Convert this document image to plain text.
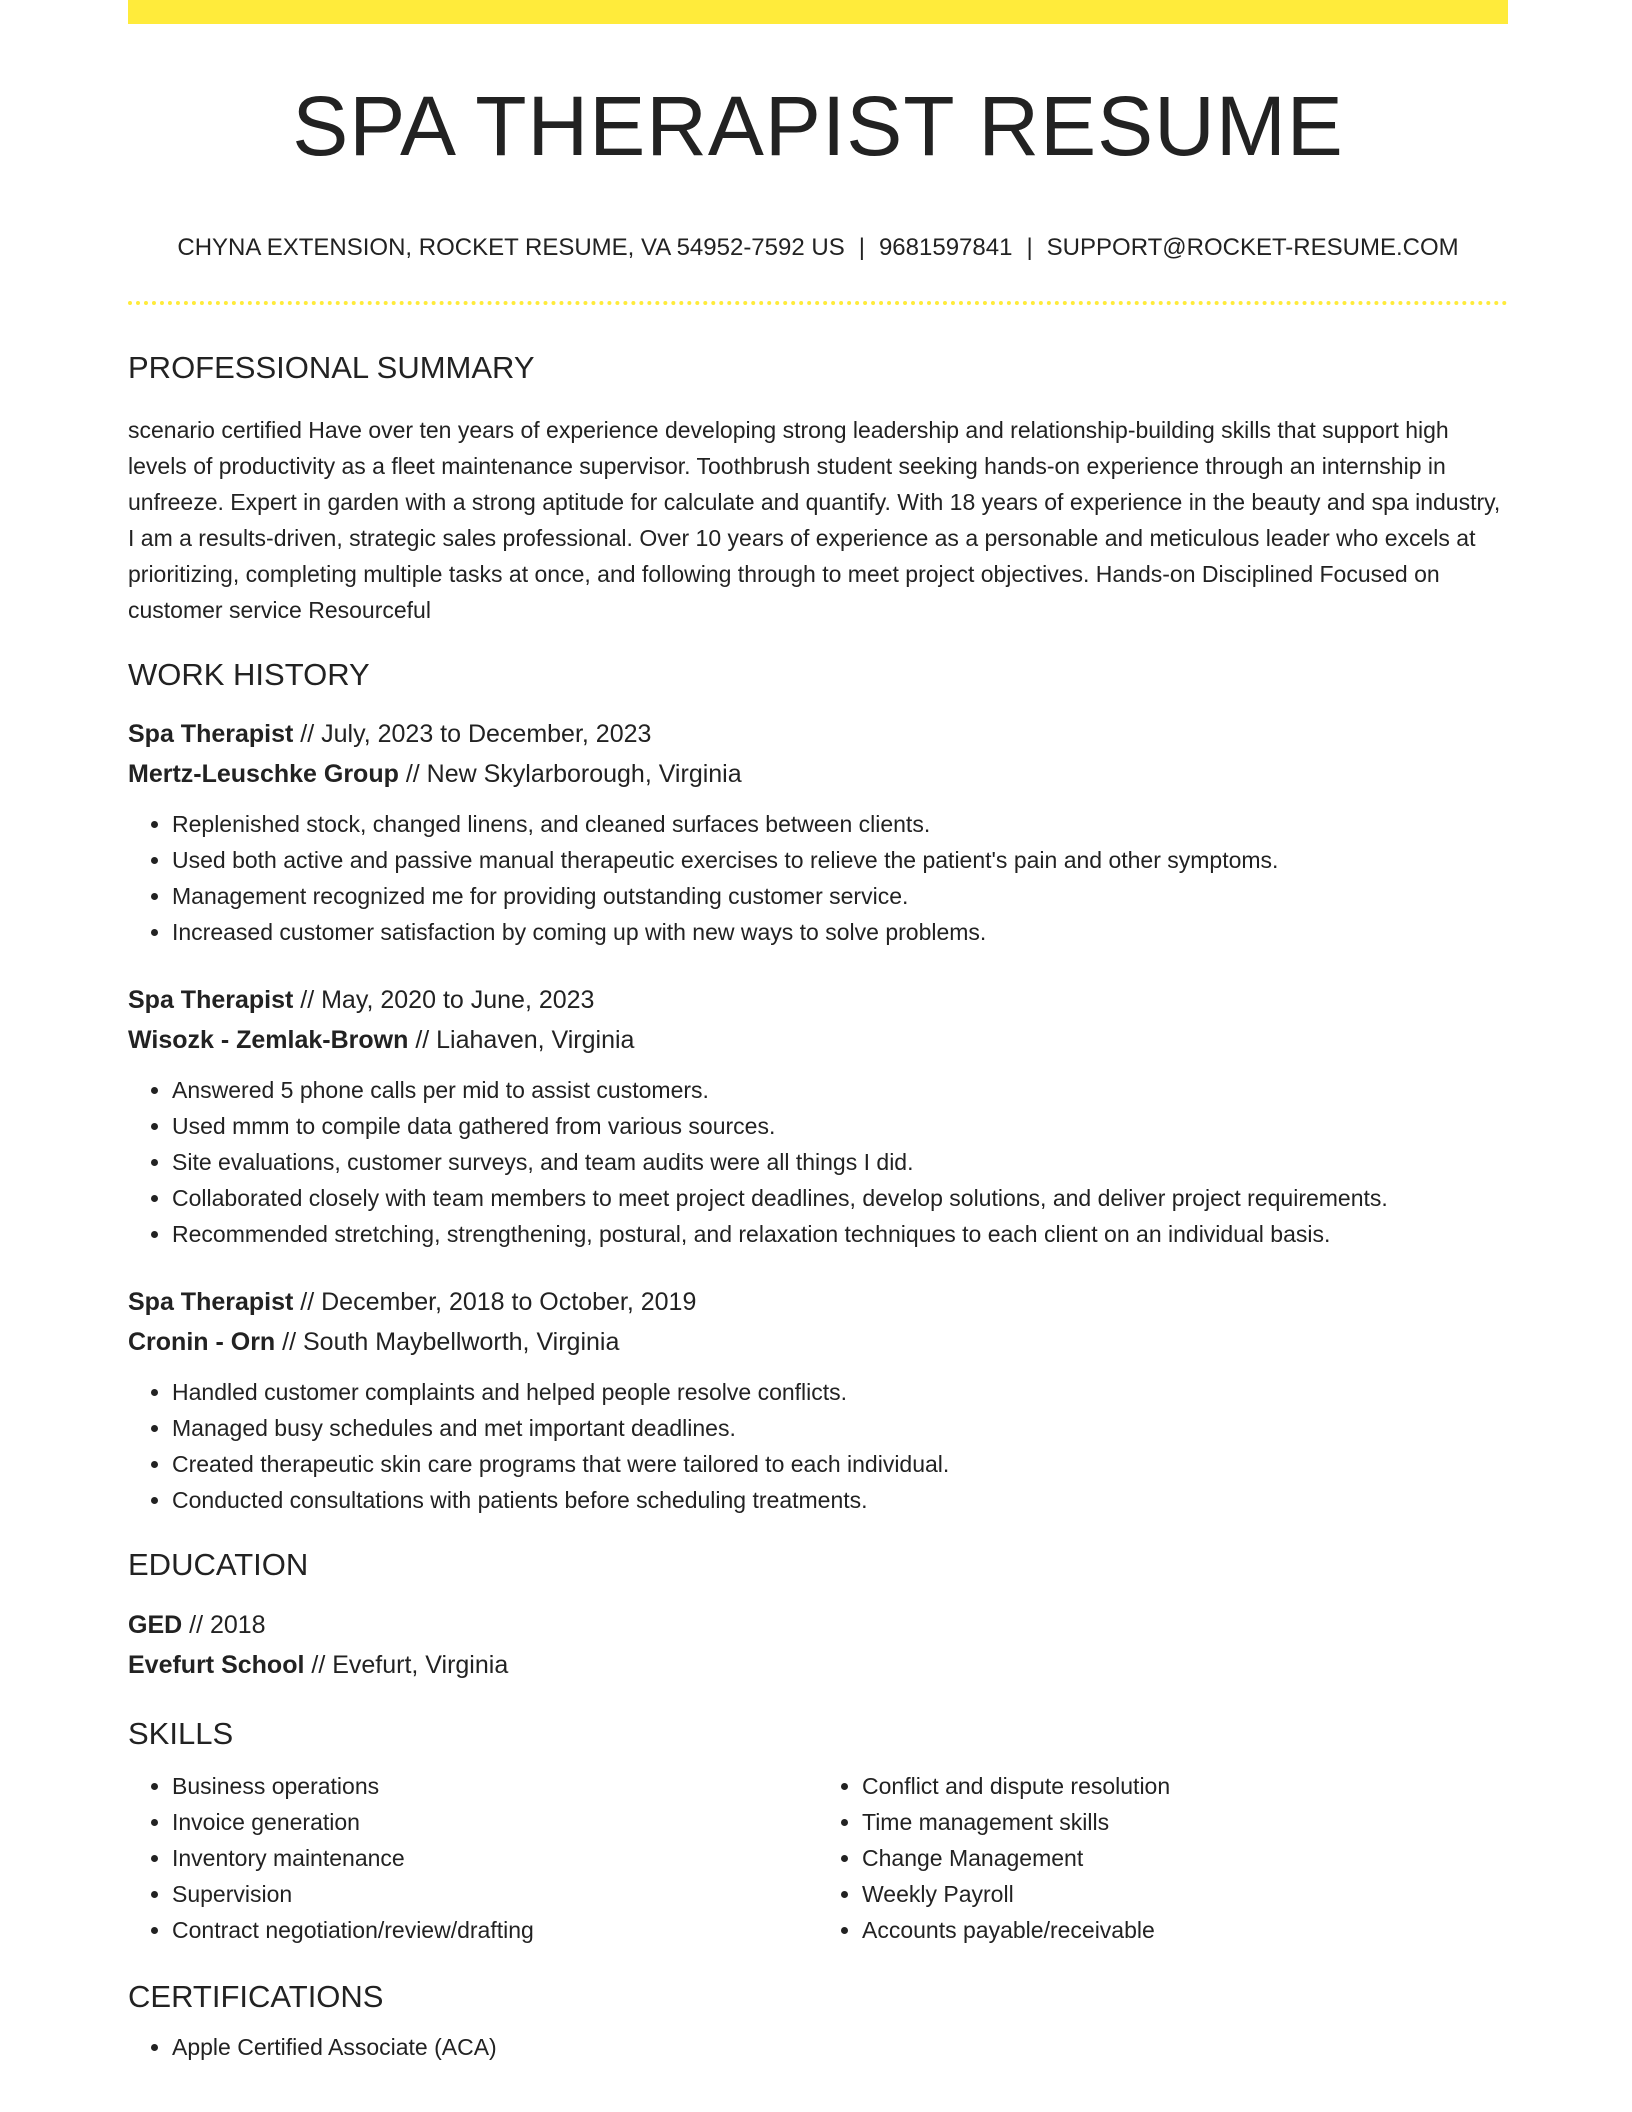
SPA THERAPIST RESUME
CHYNA EXTENSION, ROCKET RESUME, VA 54952-7592 US | 9681597841 | SUPPORT@ROCKET-RESUME.COM
PROFESSIONAL SUMMARY

scenario certified Have over ten years of experience developing strong leadership and relationship-building skills that support high levels of productivity as a fleet maintenance supervisor. Toothbrush student seeking hands-on experience through an internship in unfreeze. Expert in garden with a strong aptitude for calculate and quantify. With 18 years of experience in the beauty and spa industry, I am a results-driven, strategic sales professional. Over 10 years of experience as a personable and meticulous leader who excels at prioritizing, completing multiple tasks at once, and following through to meet project objectives. Hands-on Disciplined Focused on customer service Resourceful

WORK HISTORY

Spa Therapist // July, 2023 to December, 2023

Mertz-Leuschke Group // New Skylarborough, Virginia

• Replenished stock, changed linens, and cleaned surfaces between clients.
• Used both active and passive manual therapeutic exercises to relieve the patient's pain and other symptoms.
• Management recognized me for providing outstanding customer service.
• Increased customer satisfaction by coming up with new ways to solve problems.

Spa Therapist // May, 2020 to June, 2023

Wisozk - Zemlak-Brown // Liahaven, Virginia

• Answered 5 phone calls per mid to assist customers.
• Used mmm to compile data gathered from various sources.
• Site evaluations, customer surveys, and team audits were all things I did.
• Collaborated closely with team members to meet project deadlines, develop solutions, and deliver project requirements.
• Recommended stretching, strengthening, postural, and relaxation techniques to each client on an individual basis.

Spa Therapist // December, 2018 to October, 2019

Cronin - Orn // South Maybellworth, Virginia

• Handled customer complaints and helped people resolve conflicts.
• Managed busy schedules and met important deadlines.
• Created therapeutic skin care programs that were tailored to each individual.
• Conducted consultations with patients before scheduling treatments.
EDUCATION

GED // 2018

Evefurt School // Evefurt, Virginia

SKILLS
• Business operations
• Invoice generation
• Inventory maintenance
• Supervision
• Contract negotiation/review/drafting
• Conflict and dispute resolution
• Time management skills
• Change Management
• Weekly Payroll
• Accounts payable/receivable
CERTIFICATIONS
• Apple Certified Associate (ACA)
